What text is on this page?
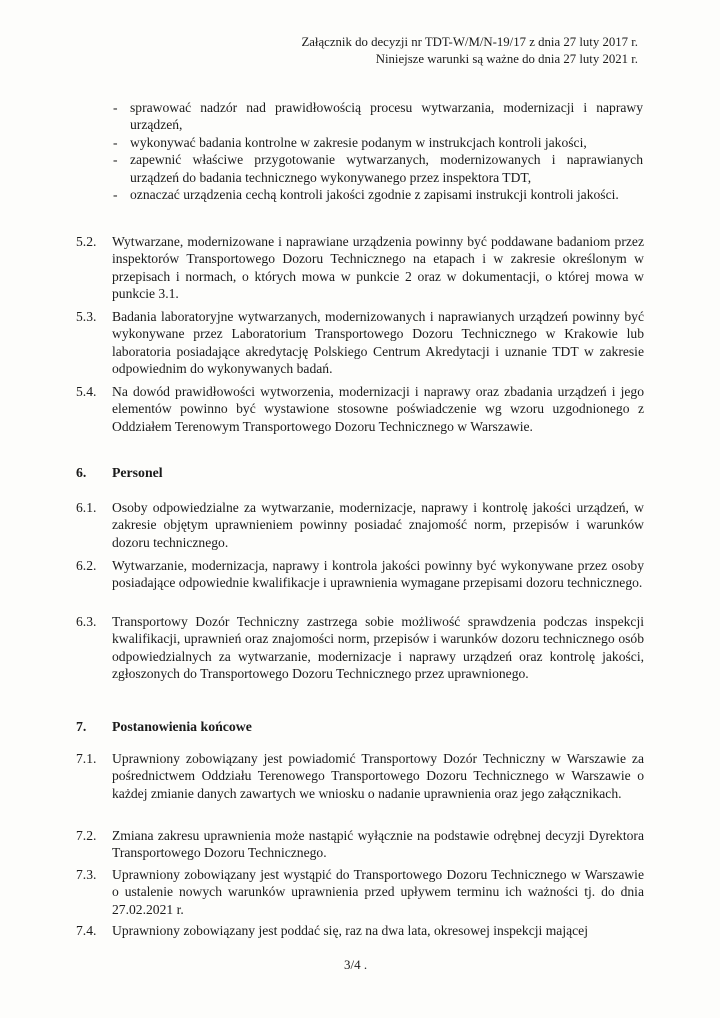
Załącznik do decyzji nr TDT-W/M/N-19/17 z dnia 27 luty 2017 r.
Niniejsze warunki są ważne do dnia 27 luty 2021 r.

- sprawować nadzór nad prawidłowością procesu wytwarzania, modernizacji i naprawy urządzeń,

- wykonywać badania kontrolne w zakresie podanym w instrukcjach kontroli jakości,

- zapewnić właściwe przygotowanie wytwarzanych, modernizowanych i naprawianych urządzeń do badania technicznego wykonywanego przez inspektora TDT,

- oznaczać urządzenia cechą kontroli jakości zgodnie z zapisami instrukcji kontroli jakości.

5.2.	Wytwarzane, modernizowane i naprawiane urządzenia powinny być poddawane badaniom przez inspektorów Transportowego Dozoru Technicznego na etapach i w zakresie określonym w przepisach i normach, o których mowa w punkcie 2 oraz w dokumentacji, o której mowa w punkcie 3.1.
5.3.	Badania laboratoryjne wytwarzanych, modernizowanych i naprawianych urządzeń powinny być wykonywane przez Laboratorium Transportowego Dozoru Technicznego w Krakowie lub laboratoria posiadające akredytację Polskiego Centrum Akredytacji i uznanie TDT w zakresie odpowiednim do wykonywanych badań.
5.4.	Na dowód prawidłowości wytworzenia, modernizacji i naprawy oraz zbadania urządzeń i jego elementów powinno być wystawione stosowne poświadczenie wg wzoru uzgodnionego z Oddziałem Terenowym Transportowego Dozoru Technicznego w Warszawie.
6. Personel
6.1.	Osoby odpowiedzialne za wytwarzanie, modernizacje, naprawy i kontrolę jakości urządzeń, w zakresie objętym uprawnieniem powinny posiadać znajomość norm, przepisów i warunków dozoru technicznego.
6.2.	Wytwarzanie, modernizacja, naprawy i kontrola jakości powinny być wykonywane przez osoby posiadające odpowiednie kwalifikacje i uprawnienia wymagane przepisami dozoru technicznego.
6.3.	Transportowy Dozór Techniczny zastrzega sobie możliwość sprawdzenia podczas inspekcji kwalifikacji, uprawnień oraz znajomości norm, przepisów i warunków dozoru technicznego osób odpowiedzialnych za wytwarzanie, modernizacje i naprawy urządzeń oraz kontrolę jakości, zgłoszonych do Transportowego Dozoru Technicznego przez uprawnionego.
7. Postanowienia końcowe
7.1.	Uprawniony zobowiązany jest powiadomić Transportowy Dozór Techniczny w Warszawie za pośrednictwem Oddziału Terenowego Transportowego Dozoru Technicznego w Warszawie o każdej zmianie danych zawartych we wniosku o nadanie uprawnienia oraz jego załącznikach.
7.2.	Zmiana zakresu uprawnienia może nastąpić wyłącznie na podstawie odrębnej decyzji Dyrektora Transportowego Dozoru Technicznego.
7.3.	Uprawniony zobowiązany jest wystąpić do Transportowego Dozoru Technicznego w Warszawie o ustalenie nowych warunków uprawnienia przed upływem terminu ich ważności tj. do dnia 27.02.2021 r.
7.4.	Uprawniony zobowiązany jest poddać się, raz na dwa lata, okresowej inspekcji mającej
3/4 .
